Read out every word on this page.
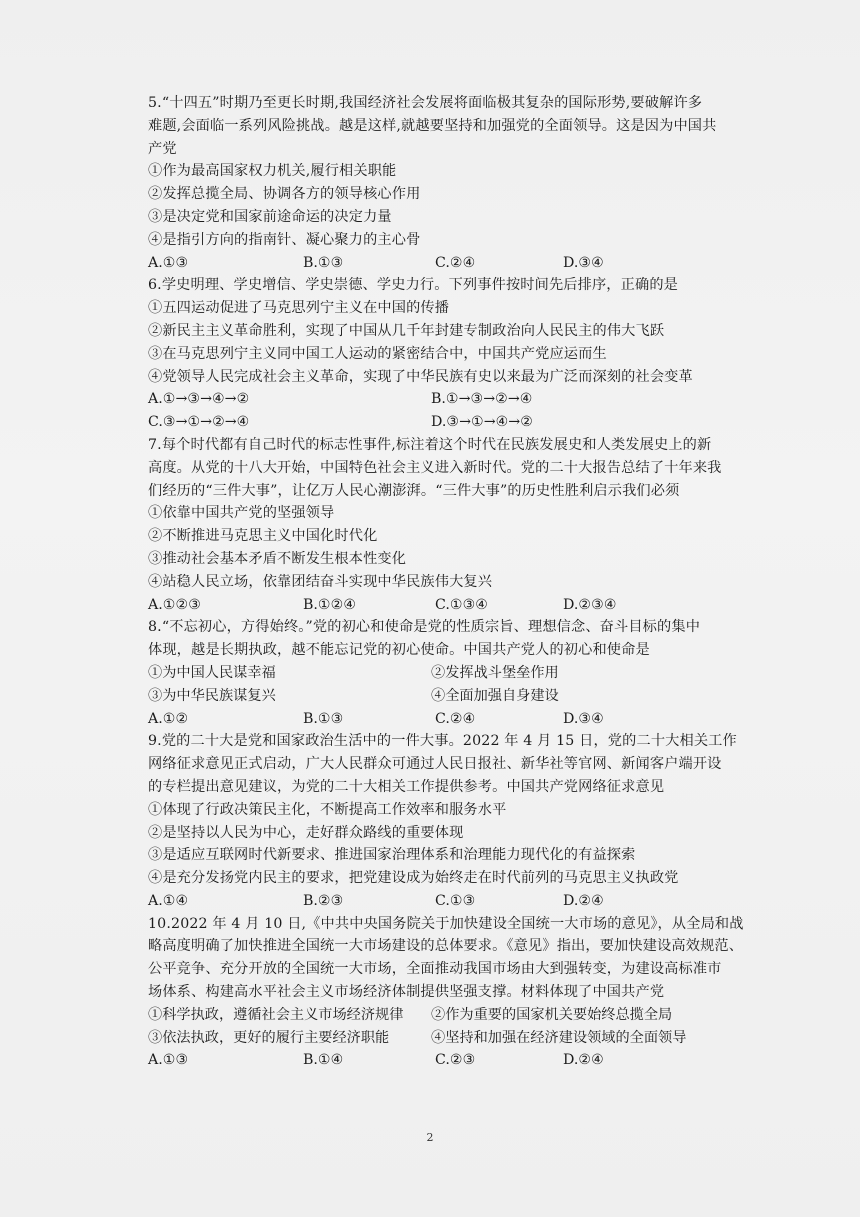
5.“十四五”时期乃至更长时期,我国经济社会发展将面临极其复杂的国际形势,要破解许多
难题,会面临一系列风险挑战。越是这样,就越要坚持和加强党的全面领导。这是因为中国共
产党
①作为最高国家权力机关,履行相关职能
②发挥总揽全局、协调各方的领导核心作用
③是决定党和国家前途命运的决定力量
④是指引方向的指南针、凝心聚力的主心骨
A.①③	B.①③	C.②④	D.③④
6.学史明理、学史增信、学史崇德、学史力行。下列事件按时间先后排序，正确的是
①五四运动促进了马克思列宁主义在中国的传播
②新民主主义革命胜利，实现了中国从几千年封建专制政治向人民民主的伟大飞跃
③在马克思列宁主义同中国工人运动的紧密结合中，中国共产党应运而生
④党领导人民完成社会主义革命，实现了中华民族有史以来最为广泛而深刻的社会变革
A.①→③→④→②	B.①→③→②→④
C.③→①→②→④	D.③→①→④→②
7.每个时代都有自己时代的标志性事件,标注着这个时代在民族发展史和人类发展史上的新
高度。从党的十八大开始，中国特色社会主义进入新时代。党的二十大报告总结了十年来我
们经历的“三件大事”，让亿万人民心潮澎湃。“三件大事”的历史性胜利启示我们必须
①依靠中国共产党的坚强领导
②不断推进马克思主义中国化时代化
③推动社会基本矛盾不断发生根本性变化
④站稳人民立场，依靠团结奋斗实现中华民族伟大复兴
A.①②③	B.①②④	C.①③④	D.②③④
8.“不忘初心，方得始终。”党的初心和使命是党的性质宗旨、理想信念、奋斗目标的集中
体现，越是长期执政，越不能忘记党的初心使命。中国共产党人的初心和使命是
①为中国人民谋幸福	②发挥战斗堡垒作用
③为中华民族谋复兴	④全面加强自身建设
A.①②	B.①③	C.②④	D.③④
9.党的二十大是党和国家政治生活中的一件大事。2022 年 4 月 15 日，党的二十大相关工作
网络征求意见正式启动，广大人民群众可通过人民日报社、新华社等官网、新闻客户端开设
的专栏提出意见建议，为党的二十大相关工作提供参考。中国共产党网络征求意见
①体现了行政决策民主化，不断提高工作效率和服务水平
②是坚持以人民为中心，走好群众路线的重要体现
③是适应互联网时代新要求、推进国家治理体系和治理能力现代化的有益探索
④是充分发扬党内民主的要求，把党建设成为始终走在时代前列的马克思主义执政党
A.①④	B.②③	C.①③	D.②④
10.2022 年 4 月 10 日,《中共中央国务院关于加快建设全国统一大市场的意见》，从全局和战
略高度明确了加快推进全国统一大市场建设的总体要求。《意见》指出，要加快建设高效规范、
公平竞争、充分开放的全国统一大市场，全面推动我国市场由大到强转变，为建设高标准市
场体系、构建高水平社会主义市场经济体制提供坚强支撑。材料体现了中国共产党
①科学执政，遵循社会主义市场经济规律	②作为重要的国家机关要始终总揽全局
③依法执政，更好的履行主要经济职能	④坚持和加强在经济建设领域的全面领导
A.①③	B.①④	C.②③	D.②④
2
